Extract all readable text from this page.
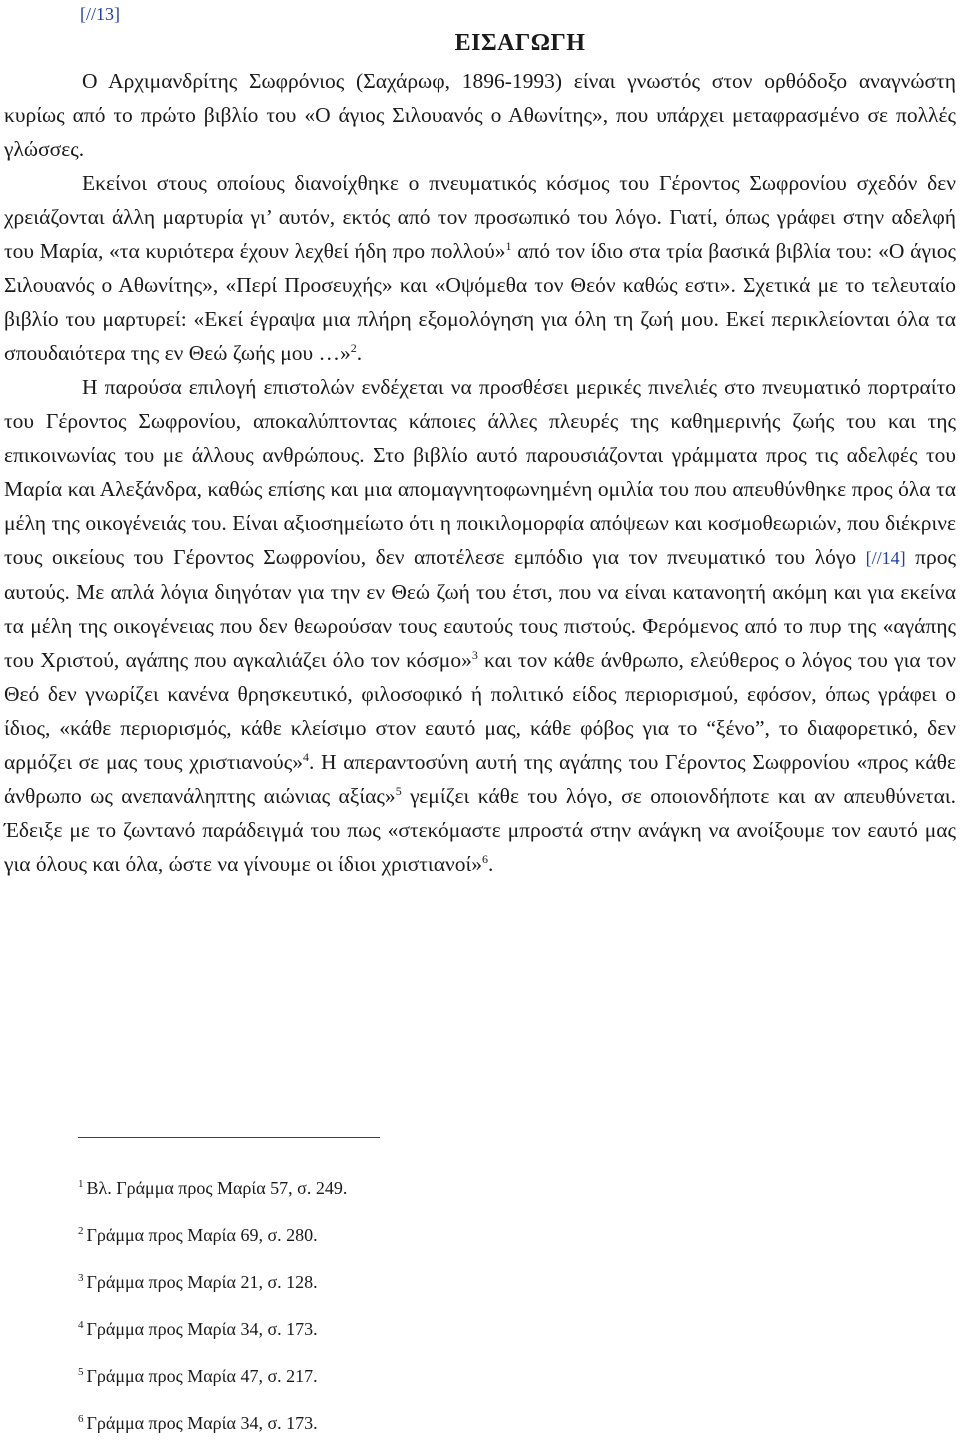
[//13]
ΕΙΣΑΓΩΓΗ

Ο Αρχιμανδρίτης Σωφρόνιος (Σαχάρωφ, 1896-1993) είναι γνωστός στον ορθόδοξο αναγνώστη κυρίως από το πρώτο βιβλίο του «Ο άγιος Σιλουανός ο Αθωνίτης», που υπάρχει μεταφρασμένο σε πολλές γλώσσες.

Εκείνοι στους οποίους διανοίχθηκε ο πνευματικός κόσμος του Γέροντος Σωφρονίου σχεδόν δεν χρειάζονται άλλη μαρτυρία γι’ αυτόν, εκτός από τον προσωπικό του λόγο. Γιατί, όπως γράφει στην αδελφή του Μαρία, «τα κυριότερα έχουν λεχθεί ήδη προ πολλού»$^1$ από τον ίδιο στα τρία βασικά βιβλία του: «Ο άγιος Σιλουανός ο Αθωνίτης», «Περί Προσευχής» και «Οψόμεθα τον Θεόν καθώς εστι». Σχετικά με το τελευταίο βιβλίο του μαρτυρεί: «Εκεί έγραψα μια πλήρη εξομολόγηση για όλη τη ζωή μου. Εκεί περικλείονται όλα τα σπουδαιότερα της εν Θεώ ζωής μου …»$^2$.

Η παρούσα επιλογή επιστολών ενδέχεται να προσθέσει μερικές πινελιές στο πνευματικό πορτραίτο του Γέροντος Σωφρονίου, αποκαλύπτοντας κάποιες άλλες πλευρές της καθημερινής ζωής του και της επικοινωνίας του με άλλους ανθρώπους. Στο βιβλίο αυτό παρουσιάζονται γράμματα προς τις αδελφές του Μαρία και Αλεξάνδρα, καθώς επίσης και μια απομαγνητοφωνημένη ομιλία του που απευθύνθηκε προς όλα τα μέλη της οικογένειάς του. Είναι αξιοσημείωτο ότι η ποικιλομορφία απόψεων και κοσμοθεωριών, που διέκρινε τους οικείους του Γέροντος Σωφρονίου, δεν αποτέλεσε εμπόδιο για τον πνευματικό του λόγο [//14] προς αυτούς. Με απλά λόγια διηγόταν για την εν Θεώ ζωή του έτσι, που να είναι κατανοητή ακόμη και για εκείνα τα μέλη της οικογένειας που δεν θεωρούσαν τους εαυτούς τους πιστούς. Φερόμενος από το πυρ της «αγάπης του Χριστού, αγάπης που αγκαλιάζει όλο τον κόσμο»$^3$ και τον κάθε άνθρωπο, ελεύθερος ο λόγος του για τον Θεό δεν γνωρίζει κανένα θρησκευτικό, φιλοσοφικό ή πολιτικό είδος περιορισμού, εφόσον, όπως γράφει ο ίδιος, «κάθε περιορισμός, κάθε κλείσιμο στον εαυτό μας, κάθε φόβος για το “ξένο”, το διαφορετικό, δεν αρμόζει σε μας τους χριστιανούς»$^4$. Η απεραντοσύνη αυτή της αγάπης του Γέροντος Σωφρονίου «προς κάθε άνθρωπο ως ανεπανάληπτης αιώνιας αξίας»$^5$ γεμίζει κάθε του λόγο, σε οποιονδήποτε και αν απευθύνεται. Έδειξε με το ζωντανό παράδειγμά του πως «στεκόμαστε μπροστά στην ανάγκη να ανοίξουμε τον εαυτό μας για όλους και όλα, ώστε να γίνουμε οι ίδιοι χριστιανοί»$^6$.

$^1$ Βλ. Γράμμα προς Μαρία 57, σ. 249.
$^2$ Γράμμα προς Μαρία 69, σ. 280.
$^3$ Γράμμα προς Μαρία 21, σ. 128.
$^4$ Γράμμα προς Μαρία 34, σ. 173.
$^5$ Γράμμα προς Μαρία 47, σ. 217.
$^6$ Γράμμα προς Μαρία 34, σ. 173.
